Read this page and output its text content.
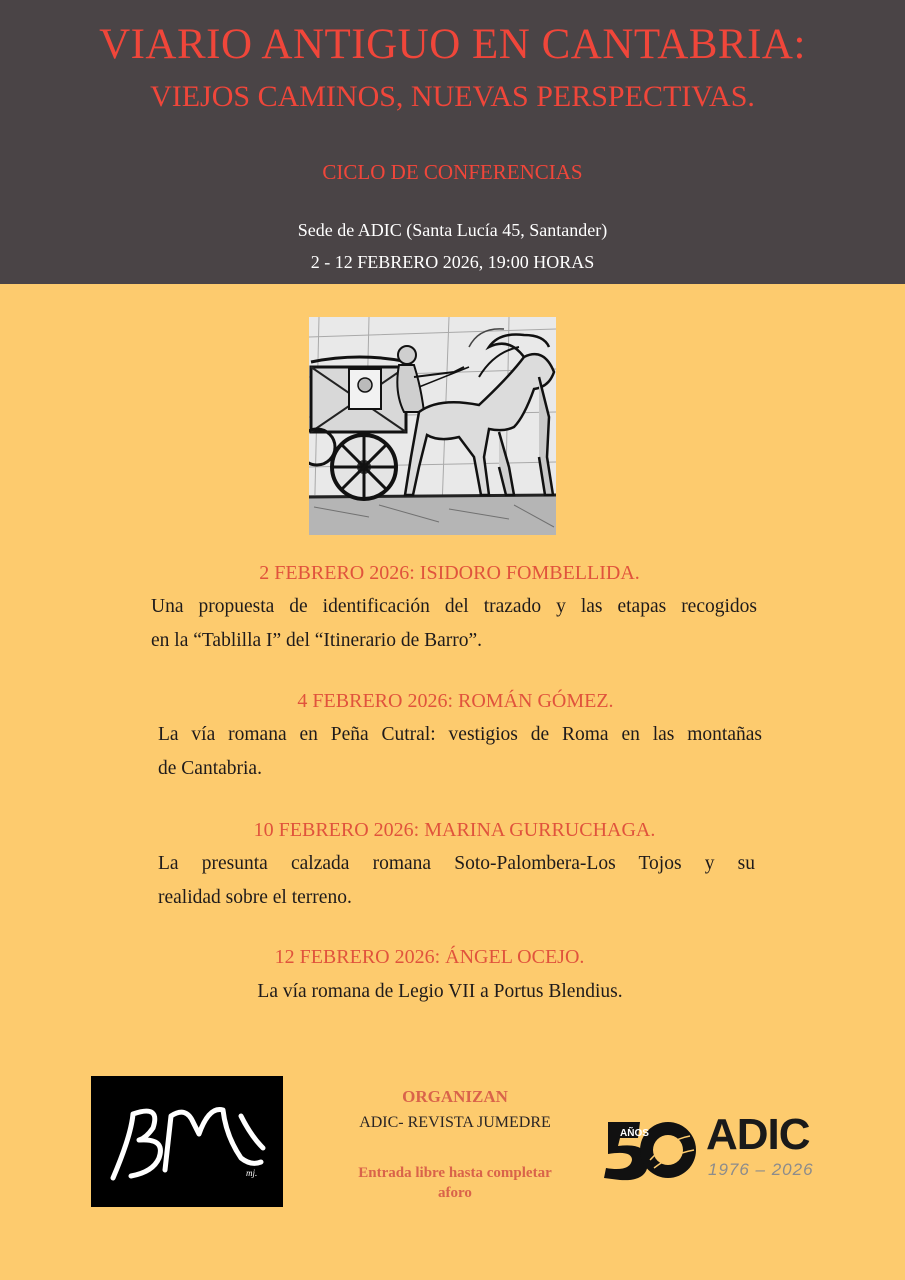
VIARIO ANTIGUO EN CANTABRIA:
VIEJOS CAMINOS, NUEVAS PERSPECTIVAS.
CICLO DE CONFERENCIAS
Sede de ADIC (Santa Lucía 45, Santander)
2 - 12 FEBRERO 2026, 19:00 HORAS
2 FEBRERO 2026: ISIDORO FOMBELLIDA.
Una propuesta de identificación del trazado y las etapas recogidos
en la “Tablilla I” del “Itinerario de Barro”.
4 FEBRERO 2026: ROMÁN GÓMEZ.
La vía romana en Peña Cutral: vestigios de Roma en las montañas
de Cantabria.
10 FEBRERO 2026: MARINA GURRUCHAGA.
La presunta calzada romana Soto-Palombera-Los Tojos y su
realidad sobre el terreno.
12 FEBRERO 2026: ÁNGEL OCEJO.
La vía romana de Legio VII a Portus Blendius.
mj.
ORGANIZAN
ADIC- REVISTA JUMEDRE
Entrada libre hasta completar
aforo
AÑOS ADIC
1976 – 2026
